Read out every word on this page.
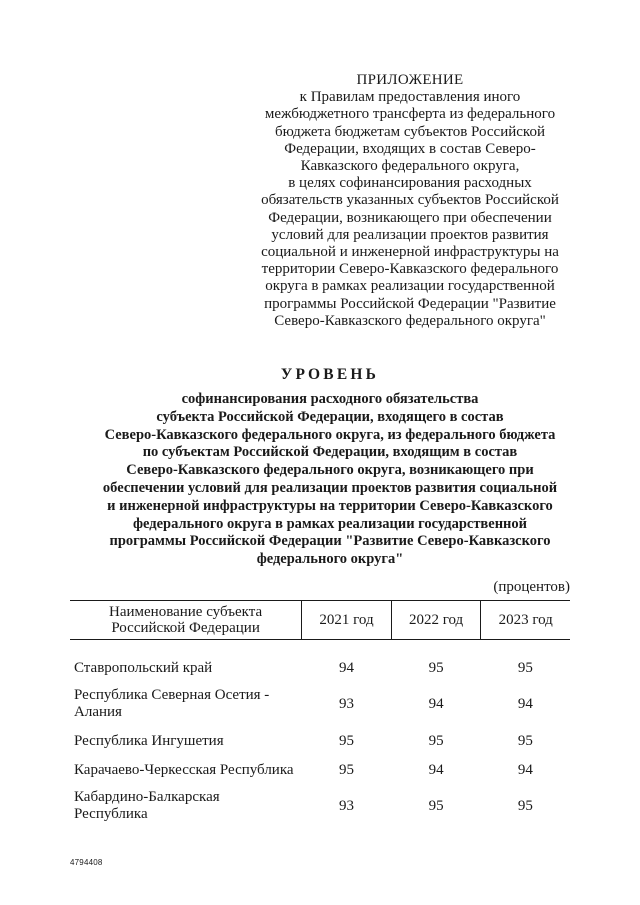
ПРИЛОЖЕНИЕ
к Правилам предоставления иного
межбюджетного трансферта из федерального
бюджета бюджетам субъектов Российской
Федерации, входящих в состав Северо-
Кавказского федерального округа,
в целях софинансирования расходных
обязательств указанных субъектов Российской
Федерации, возникающего при обеспечении
условий для реализации проектов развития
социальной и инженерной инфраструктуры на
территории Северо-Кавказского федерального
округа в рамках реализации государственной
программы Российской Федерации "Развитие
Северо-Кавказского федерального округа"
УРОВЕНЬ
софинансирования расходного обязательства
субъекта Российской Федерации, входящего в состав
Северо-Кавказского федерального округа, из федерального бюджета
по субъектам Российской Федерации, входящим в состав
Северо-Кавказского федерального округа, возникающего при
обеспечении условий для реализации проектов развития социальной
и инженерной инфраструктуры на территории Северо-Кавказского
федерального округа в рамках реализации государственной
программы Российской Федерации "Развитие Северо-Кавказского
федерального округа"
(процентов)
Наименование субъекта
Российской Федерации	2021 год	2022 год	2023 год

Ставропольский край	94	95	95
Республика Северная Осетия -
Алания	93	94	94
Республика Ингушетия	95	95	95
Карачаево-Черкесская Республика	95	94	94
Кабардино-Балкарская
Республика	93	95	95
4794408
